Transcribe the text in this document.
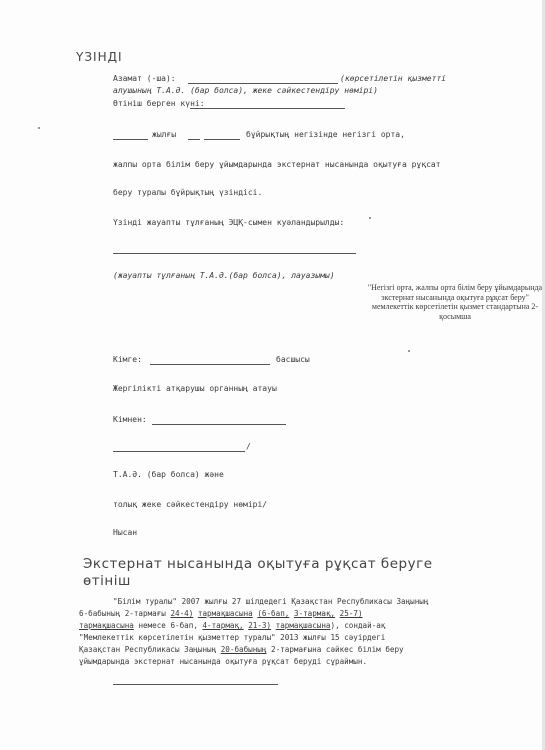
ҮЗІНДІ
Азамат (-ша):	(көрсетілетін қызметті
алушының Т.А.Ә. (бар болса), жеке сәйкестендіру нөмірі)
Өтініш берген күні:
жылғы	бұйрықтың негізінде негізгі орта,
жалпы орта білім беру ұйымдарында экстернат нысанында оқытуға рұқсат
беру туралы бұйрықтың үзіндісі.
Үзінді жауапты тұлғаның ЭЦҚ-сымен куәландырылды:
(жауапты тұлғаның Т.А.Ә.(бар болса), лауазымы)
"Негізгі орта, жалпы орта білім беру ұйымдарында экстернат нысанында оқытуға рұқсат беру" мемлекеттік көрсетілетін қызмет стандартына 2-қосымша
Кімге:	басшысы
Жергілікті атқарушы органның атауы
Кімнен:
/
Т.А.Ә. (бар болса) және
толық жеке сәйкестендіру нөмірі/
Нысан
Экстернат нысанында оқытуға рұқсат беруге
өтініш
"Білім туралы" 2007 жылғы 27 шілдедегі Қазақстан Республикасы Заңының
6-бабының 2-тармағы 24-4) тармақшасына (6-бап, 3-тармақ, 25-7)
тармақшасына немесе 6-бап, 4-тармақ, 21-3) тармақшасына), сондай-ақ
"Мемлекеттік көрсетілетін қызметтер туралы" 2013 жылғы 15 сәуірдегі
Қазақстан Республикасы Заңының 20-бабының 2-тармағына сәйкес білім беру
ұйымдарында экстернат нысанында оқытуға рұқсат беруді сұраймын.
